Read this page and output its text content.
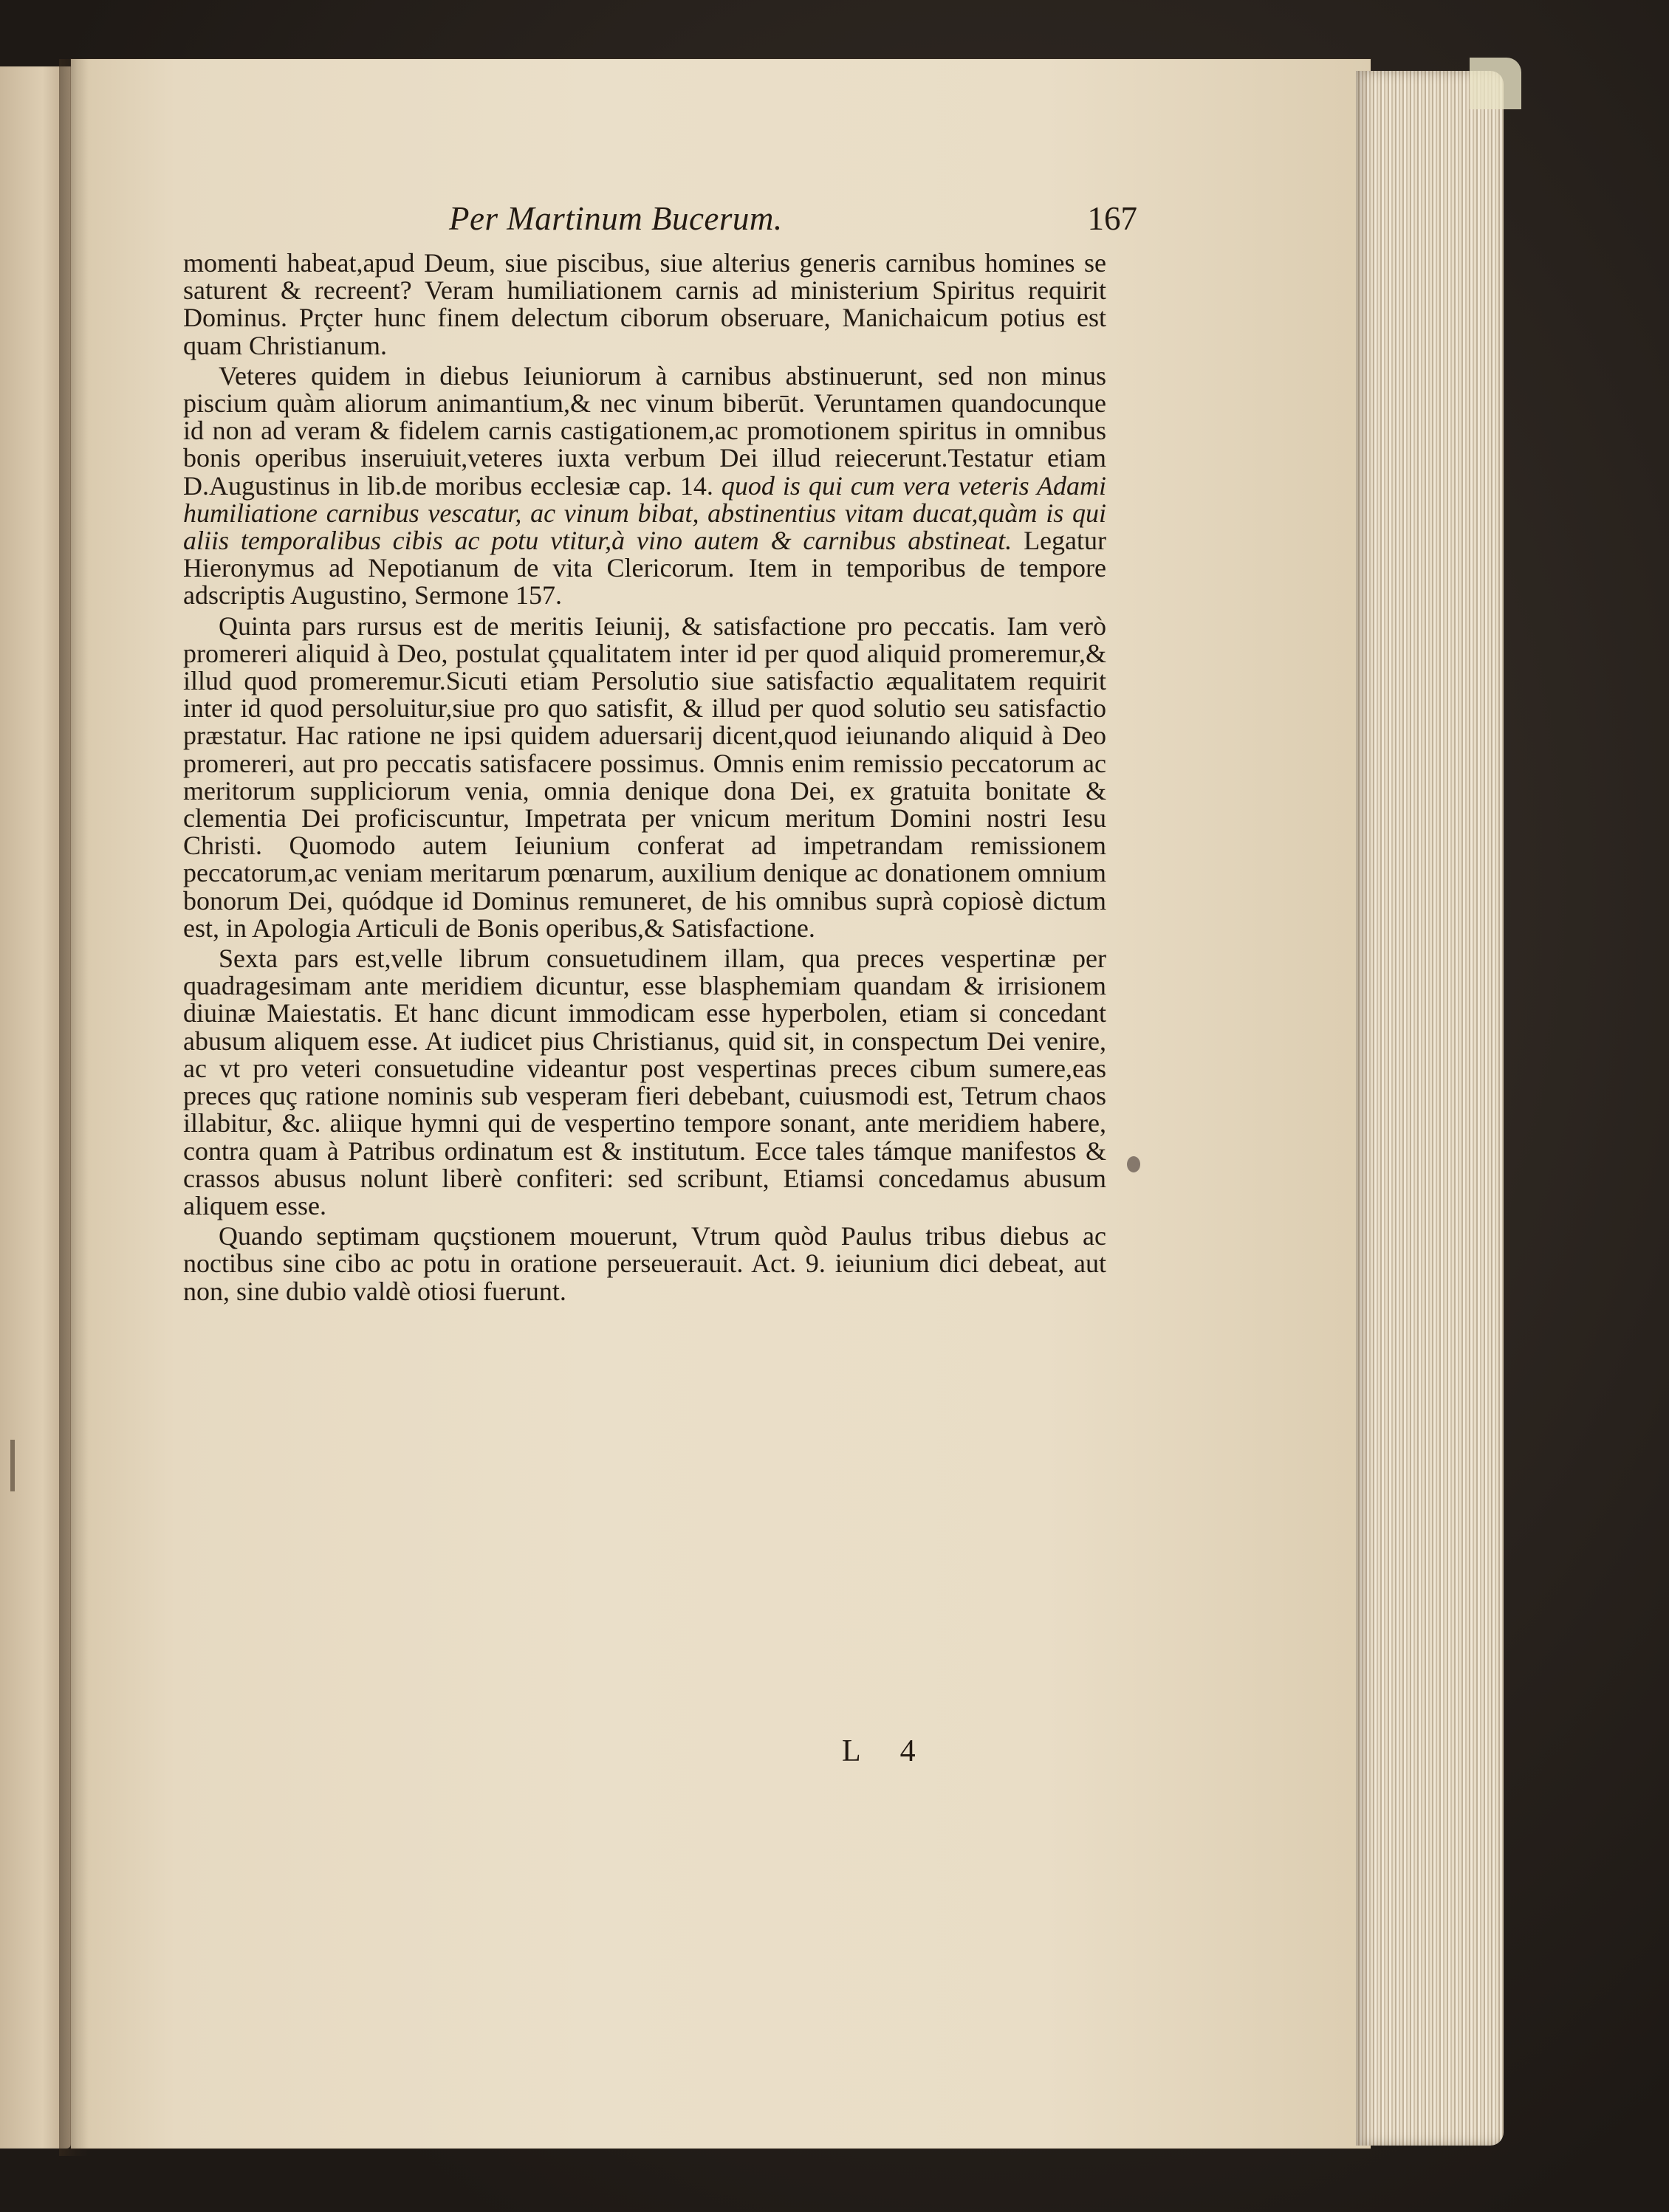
Per Martinum Bucerum.	167

momenti habeat,apud Deum, siue piscibus, siue alterius generis carnibus homines se saturent & recreent? Veram humiliationem carnis ad ministerium Spiritus requirit Dominus. Prçter hunc finem delectum ciborum obseruare, Manichaicum potius est quam Christianum.

Veteres quidem in diebus Ieiuniorum à carnibus abstinuerunt, sed non minus piscium quàm aliorum animantium,& nec vinum biberūt. Veruntamen quandocunque id non ad veram & fidelem carnis castigationem,ac promotionem spiritus in omnibus bonis operibus inseruiuit,veteres iuxta verbum Dei illud reiecerunt.Testatur etiam D.Augustinus in lib.de moribus ecclesiæ cap. 14. quod is qui cum vera veteris Adami humiliatione carnibus vescatur, ac vinum bibat, abstinentius vitam ducat,quàm is qui aliis temporalibus cibis ac potu vtitur,à vino autem & carnibus abstineat. Legatur Hieronymus ad Nepotianum de vita Clericorum. Item in temporibus de tempore adscriptis Augustino, Sermone 157.

Quinta pars rursus est de meritis Ieiunij, & satisfactione pro peccatis. Iam verò promereri aliquid à Deo, postulat çqualitatem inter id per quod aliquid promeremur,& illud quod promeremur.Sicuti etiam Persolutio siue satisfactio æqualitatem requirit inter id quod persoluitur,siue pro quo satisfit, & illud per quod solutio seu satisfactio præstatur. Hac ratione ne ipsi quidem aduersarij dicent,quod ieiunando aliquid à Deo promereri, aut pro peccatis satisfacere possimus. Omnis enim remissio peccatorum ac meritorum suppliciorum venia, omnia denique dona Dei, ex gratuita bonitate & clementia Dei proficiscuntur, Impetrata per vnicum meritum Domini nostri Iesu Christi. Quomodo autem Ieiunium conferat ad impetrandam remissionem peccatorum,ac veniam meritarum pœnarum, auxilium denique ac donationem omnium bonorum Dei, quódque id Dominus remuneret, de his omnibus suprà copiosè dictum est, in Apologia Articuli de Bonis operibus,& Satisfactione.

Sexta pars est,velle librum consuetudinem illam, qua preces vespertinæ per quadragesimam ante meridiem dicuntur, esse blasphemiam quandam & irrisionem diuinæ Maiestatis. Et hanc dicunt immodicam esse hyperbolen, etiam si concedant abusum aliquem esse. At iudicet pius Christianus, quid sit, in conspectum Dei venire, ac vt pro veteri consuetudine videantur post vespertinas preces cibum sumere,eas preces quç ratione nominis sub vesperam fieri debebant, cuiusmodi est, Tetrum chaos illabitur, &c. aliique hymni qui de vespertino tempore sonant, ante meridiem habere, contra quam à Patribus ordinatum est & institutum. Ecce tales támque manifestos & crassos abusus nolunt liberè confiteri: sed scribunt, Etiamsi concedamus abusum aliquem esse.

Quando septimam quçstionem mouerunt, Vtrum quòd Paulus tribus diebus ac noctibus sine cibo ac potu in oratione perseuerauit. Act. 9. ieiunium dici debeat, aut non, sine dubio valdè otiosi fuerunt.

L 4
